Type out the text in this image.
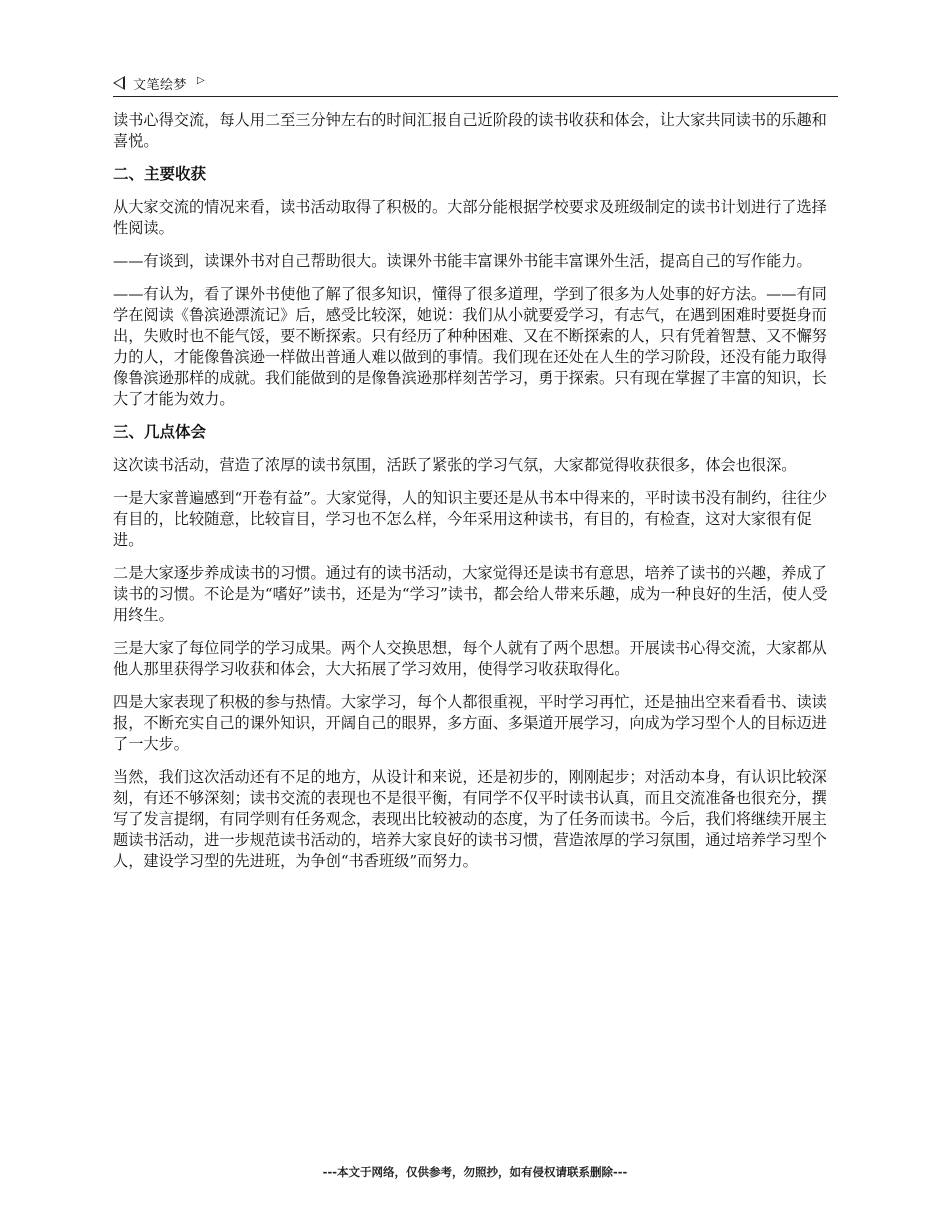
文笔绘梦 ▷

读书心得交流，每人用二至三分钟左右的时间汇报自己近阶段的读书收获和体会，让大家共同读书的乐趣和喜悦。

二、主要收获

从大家交流的情况来看，读书活动取得了积极的。大部分能根据学校要求及班级制定的读书计划进行了选择性阅读。

——有谈到，读课外书对自己帮助很大。读课外书能丰富课外书能丰富课外生活，提高自己的写作能力。

——有认为，看了课外书使他了解了很多知识，懂得了很多道理，学到了很多为人处事的好方法。——有同学在阅读《鲁滨逊漂流记》后，感受比较深，她说：我们从小就要爱学习，有志气，在遇到困难时要挺身而出，失败时也不能气馁，要不断探索。只有经历了种种困难、又在不断探索的人，只有凭着智慧、又不懈努力的人，才能像鲁滨逊一样做出普通人难以做到的事情。我们现在还处在人生的学习阶段，还没有能力取得像鲁滨逊那样的成就。我们能做到的是像鲁滨逊那样刻苦学习，勇于探索。只有现在掌握了丰富的知识，长大了才能为效力。

三、几点体会

这次读书活动，营造了浓厚的读书氛围，活跃了紧张的学习气氛，大家都觉得收获很多，体会也很深。

一是大家普遍感到“开卷有益”。大家觉得，人的知识主要还是从书本中得来的，平时读书没有制约，往往少有目的，比较随意，比较盲目，学习也不怎么样，今年采用这种读书，有目的，有检查，这对大家很有促进。

二是大家逐步养成读书的习惯。通过有的读书活动，大家觉得还是读书有意思，培养了读书的兴趣，养成了读书的习惯。不论是为“嗜好”读书，还是为“学习”读书，都会给人带来乐趣，成为一种良好的生活，使人受用终生。

三是大家了每位同学的学习成果。两个人交换思想，每个人就有了两个思想。开展读书心得交流，大家都从他人那里获得学习收获和体会，大大拓展了学习效用，使得学习收获取得化。

四是大家表现了积极的参与热情。大家学习，每个人都很重视，平时学习再忙，还是抽出空来看看书、读读报，不断充实自己的课外知识，开阔自己的眼界，多方面、多渠道开展学习，向成为学习型个人的目标迈进了一大步。

当然，我们这次活动还有不足的地方，从设计和来说，还是初步的，刚刚起步；对活动本身，有认识比较深刻，有还不够深刻；读书交流的表现也不是很平衡，有同学不仅平时读书认真，而且交流准备也很充分，撰写了发言提纲，有同学则有任务观念，表现出比较被动的态度，为了任务而读书。今后，我们将继续开展主题读书活动，进一步规范读书活动的，培养大家良好的读书习惯，营造浓厚的学习氛围，通过培养学习型个人，建设学习型的先进班，为争创“书香班级”而努力。

---本文于网络，仅供参考，勿照抄，如有侵权请联系删除---
